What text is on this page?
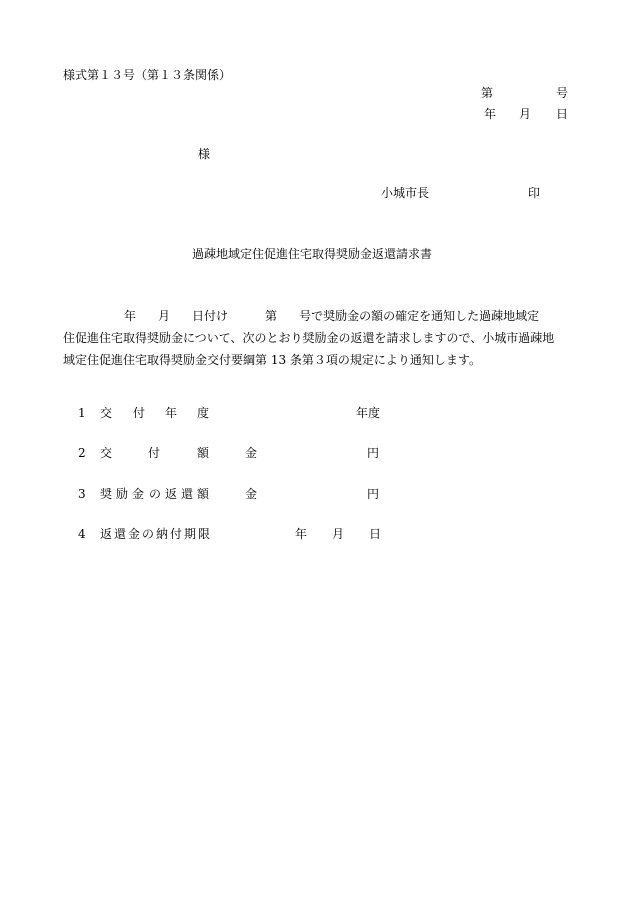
様式第１３号（第１３条関係）
第	号
年 月 日
様
小城市長	印
過疎地域定住促進住宅取得奨励金返還請求書
年 月 日付け	第 号で奨励金の額の確定を通知した過疎地域定
住促進住宅取得奨励金について、次のとおり奨励金の返還を請求しますので、小城市過疎地
域定住促進住宅取得奨励金交付要綱第 13 条第３項の規定により通知します。
1 交 付 年 度	年度
2 交	付	額	金	円
3 奨 励 金 の 返 還 額	金	円
4 返 還 金 の 納 付 期 限	年 月 日
